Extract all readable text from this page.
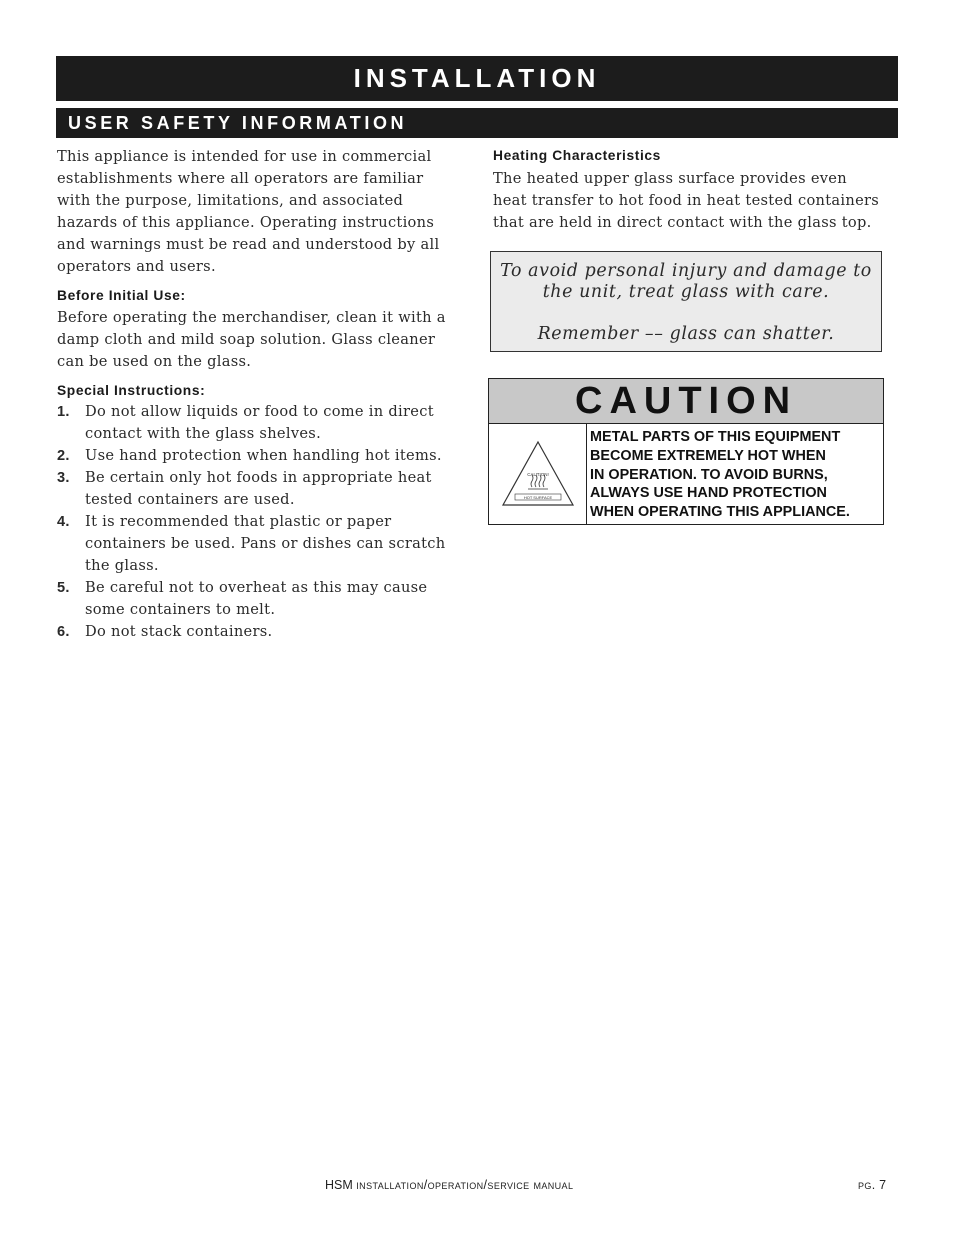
INSTALLATION
USER SAFETY INFORMATION

This appliance is intended for use in commercial establishments where all operators are familiar with the purpose, limitations, and associated hazards of this appliance. Operating instructions and warnings must be read and understood by all operators and users.

Before Initial Use:

Before operating the merchandiser, clean it with a damp cloth and mild soap solution. Glass cleaner can be used on the glass.

Special Instructions:
1. Do not allow liquids or food to come in direct contact with the glass shelves.
2. Use hand protection when handling hot items.
3. Be certain only hot foods in appropriate heat tested containers are used.
4. It is recommended that plastic or paper containers be used. Pans or dishes can scratch the glass.
5. Be careful not to overheat as this may cause some containers to melt.
6. Do not stack containers.
Heating Characteristics

The heated upper glass surface provides even heat transfer to hot food in heat tested containers that are held in direct contact with the glass top.

To avoid personal injury and damage to the unit, treat glass with care.
Remember –– glass can shatter.
CAUTION
CAUTION!
HOT SURFACE
METAL PARTS OF THIS EQUIPMENT
BECOME EXTREMELY HOT WHEN
IN OPERATION. TO AVOID BURNS,
ALWAYS USE HAND PROTECTION
WHEN OPERATING THIS APPLIANCE.
HSM installation/operation/service manual	pg. 7
